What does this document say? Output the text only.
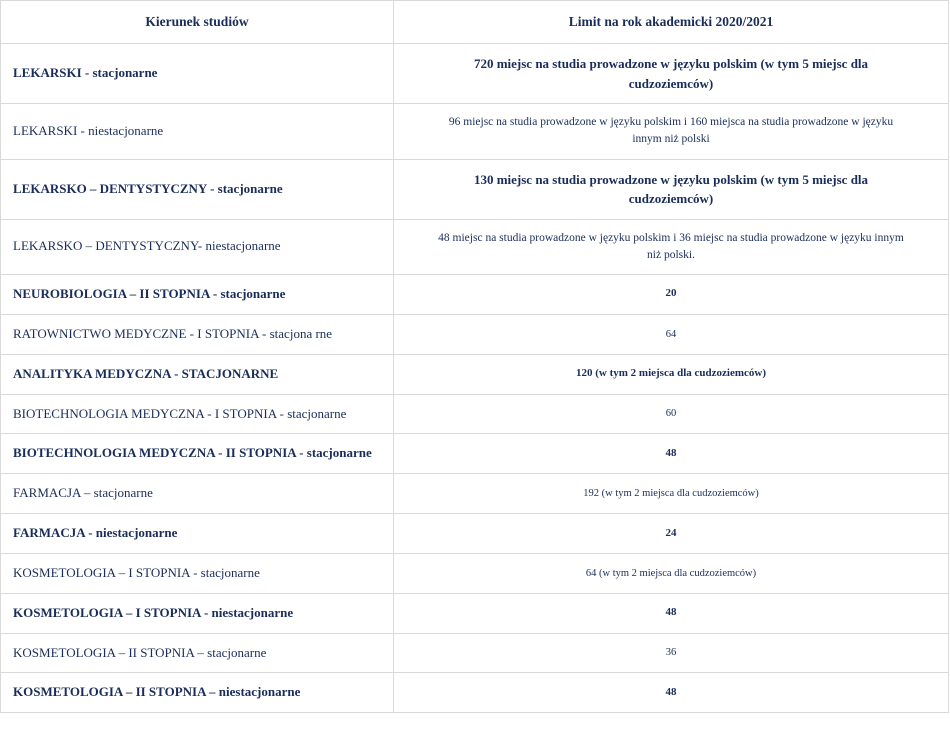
Kierunek studiów	Limit na rok akademicki 2020/2021
LEKARSKI - stacjonarne	720 miejsc na studia prowadzone w języku polskim (w tym 5 miejsc dla cudzoziemców)
LEKARSKI - niestacjonarne	96 miejsc na studia prowadzone w języku polskim i 160 miejsca na studia prowadzone w języku innym niż polski
LEKARSKO – DENTYSTYCZNY - stacjonarne	130 miejsc na studia prowadzone w języku polskim (w tym 5 miejsc dla cudzoziemców)
LEKARSKO – DENTYSTYCZNY- niestacjonarne	48 miejsc na studia prowadzone w języku polskim i 36 miejsc na studia prowadzone w języku innym niż polski.
NEUROBIOLOGIA – II STOPNIA - stacjonarne	20
RATOWNICTWO MEDYCZNE - I STOPNIA - stacjona rne	64
ANALITYKA MEDYCZNA - STACJONARNE	120 (w tym 2 miejsca dla cudzoziemców)
BIOTECHNOLOGIA MEDYCZNA - I STOPNIA - stacjonarne	60
BIOTECHNOLOGIA MEDYCZNA - II STOPNIA - stacjonarne	48
FARMACJA – stacjonarne	192 (w tym 2 miejsca dla cudzoziemców)
FARMACJA - niestacjonarne	24
KOSMETOLOGIA – I STOPNIA - stacjonarne	64 (w tym 2 miejsca dla cudzoziemców)
KOSMETOLOGIA – I STOPNIA - niestacjonarne	48
KOSMETOLOGIA – II STOPNIA – stacjonarne	36
KOSMETOLOGIA – II STOPNIA – niestacjonarne	48
